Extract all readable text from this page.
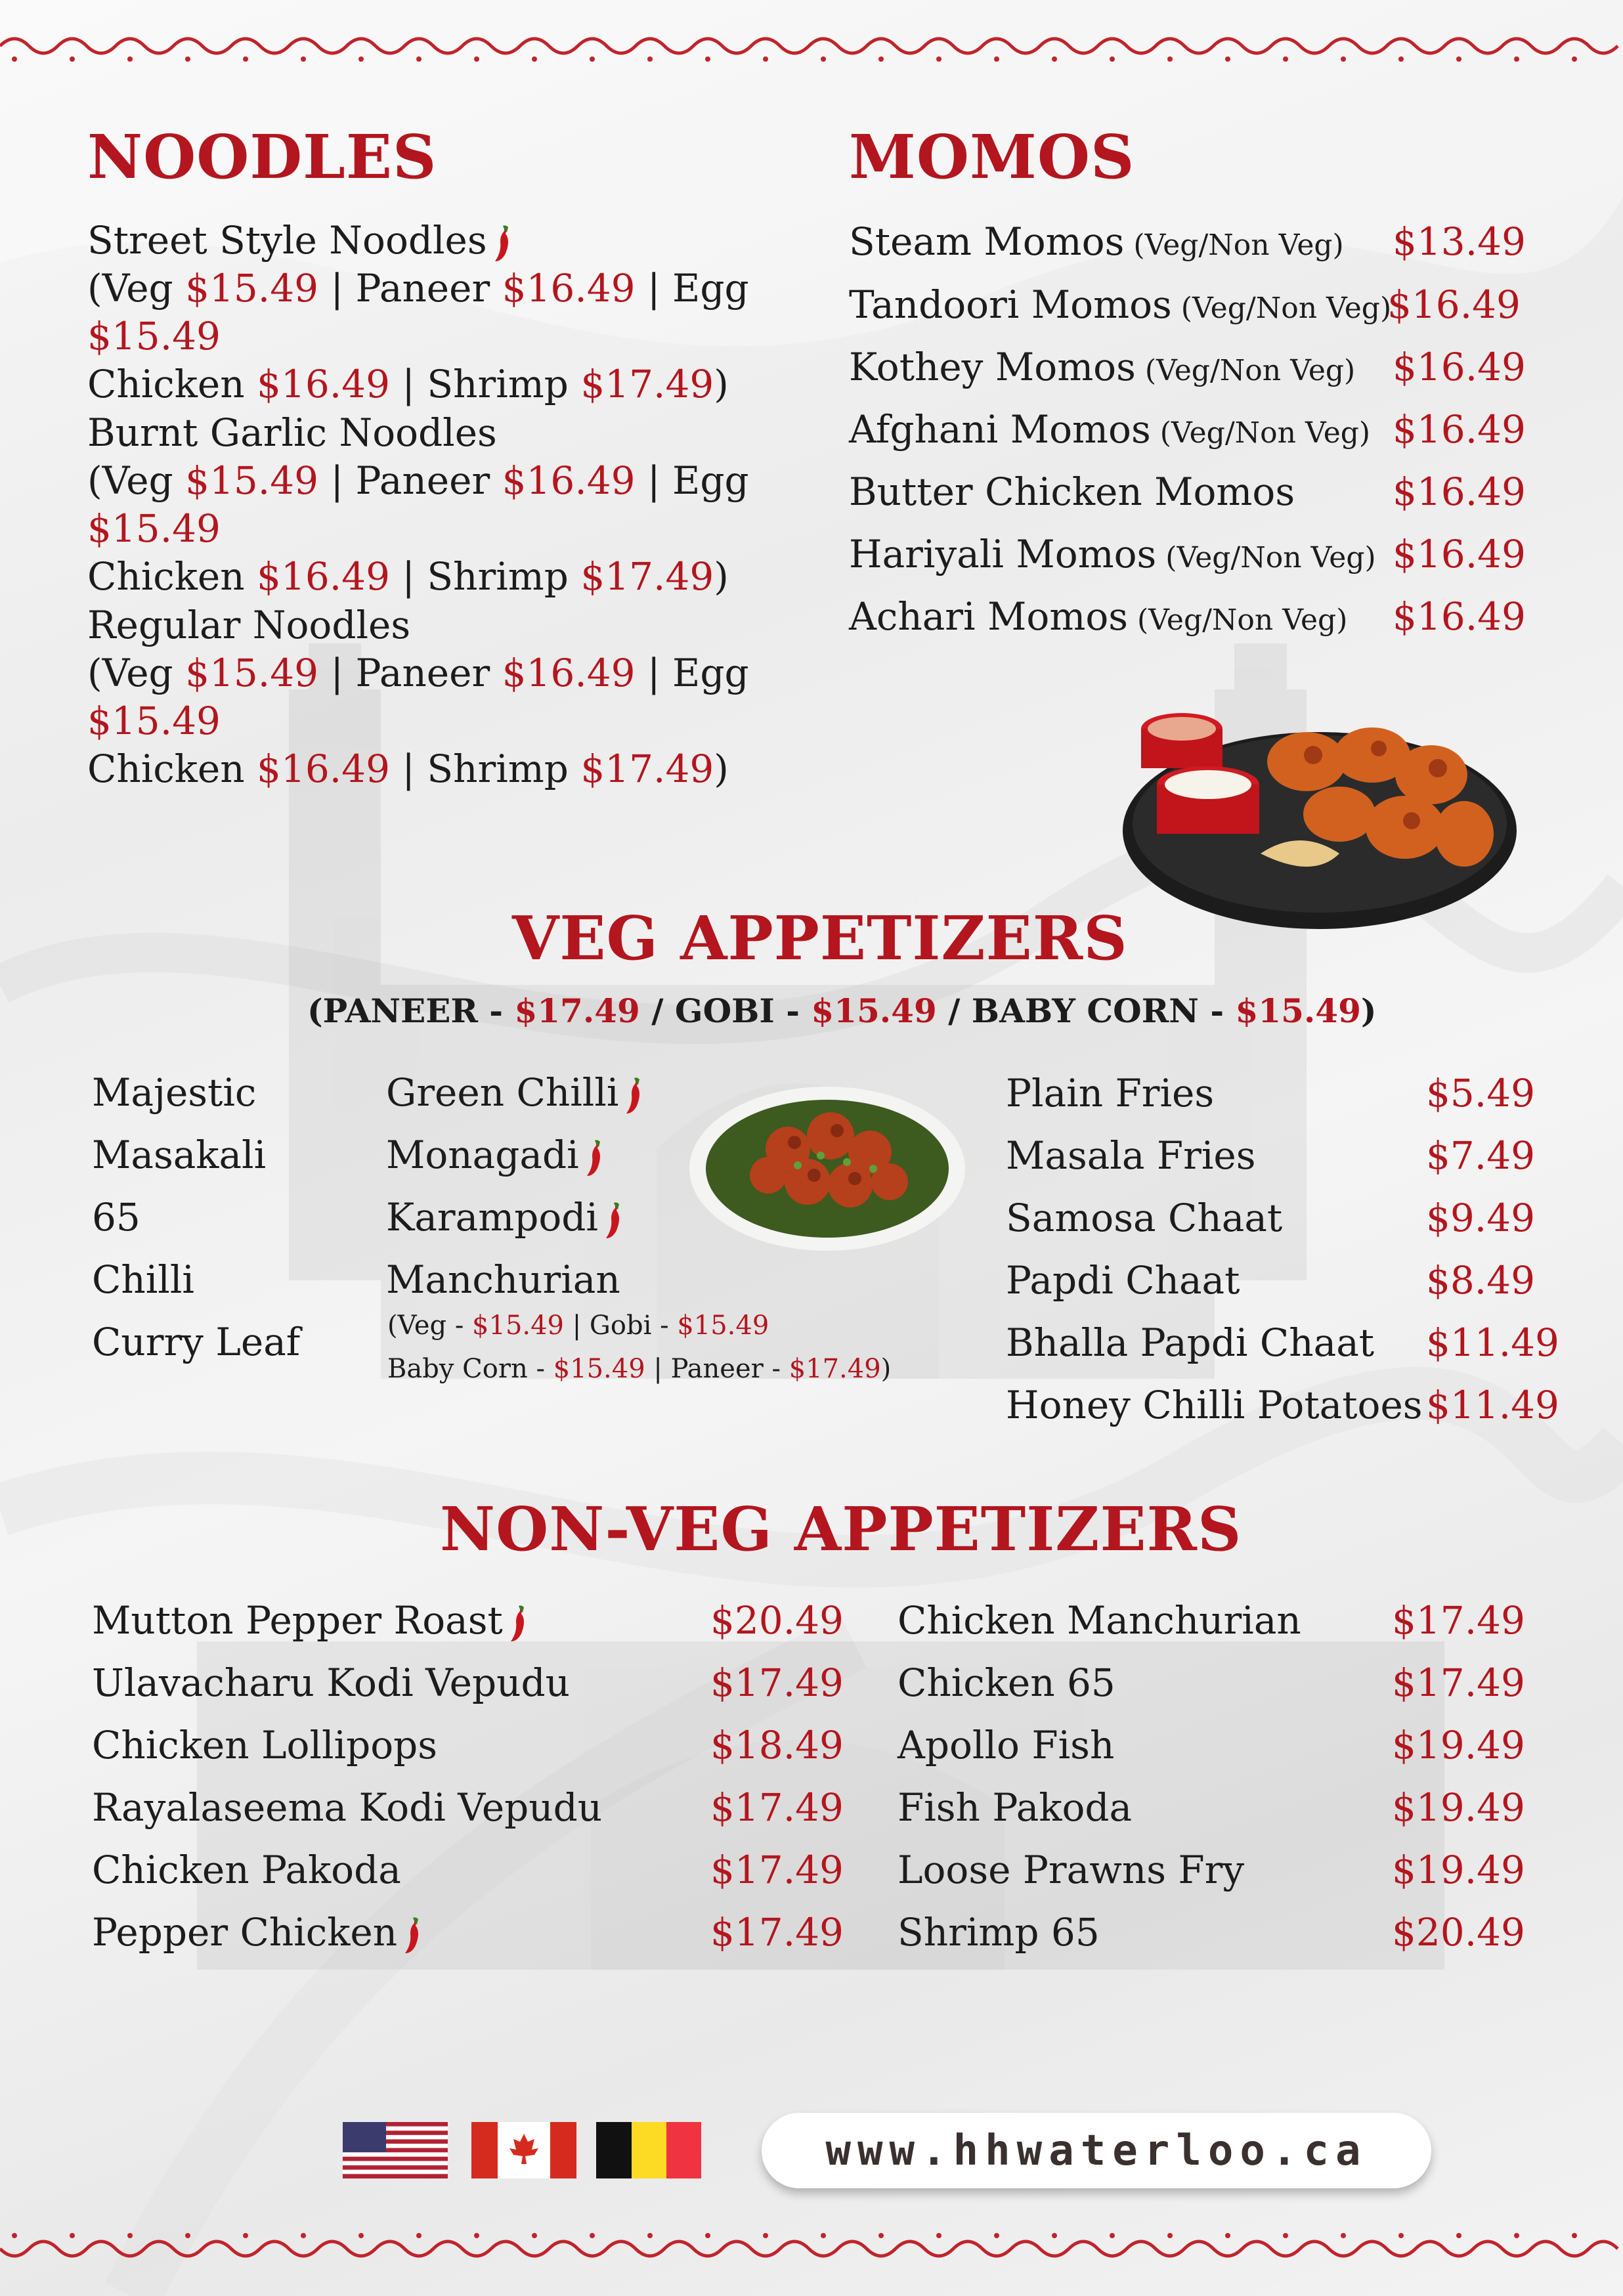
NOODLES
Street Style Noodles
(Veg $15.49 | Paneer $16.49 | Egg $15.49
Chicken $16.49 | Shrimp $17.49)
Burnt Garlic Noodles
(Veg $15.49 | Paneer $16.49 | Egg $15.49
Chicken $16.49 | Shrimp $17.49)
Regular Noodles
(Veg $15.49 | Paneer $16.49 | Egg $15.49
Chicken $16.49 | Shrimp $17.49)
MOMOS
Steam Momos (Veg/Non Veg) $13.49
Tandoori Momos (Veg/Non Veg)
$16.49
Kothey Momos (Veg/Non Veg) $16.49
Afghani Momos (Veg/Non Veg) $16.49
Butter Chicken Momos	$16.49
Hariyali Momos (Veg/Non Veg) $16.49
Achari Momos (Veg/Non Veg) $16.49
VEG APPETIZERS
(PANEER - $17.49 / GOBI - $15.49 / BABY CORN - $15.49)
Majestic
Masakali
65
Chilli
Curry Leaf
Green Chilli
Monagadi
Karampodi
Manchurian
(Veg - $15.49 | Gobi - $15.49
Baby Corn - $15.49 | Paneer - $17.49)
Plain Fries	$5.49
Masala Fries	$7.49
Samosa Chaat	$9.49
Papdi Chaat	$8.49
Bhalla Papdi Chaat $11.49
Honey Chilli Potatoes $11.49
NON-VEG APPETIZERS
Mutton Pepper Roast	$20.49
Ulavacharu Kodi Vepudu	$17.49
Chicken Lollipops	$18.49
Rayalaseema Kodi Vepudu	$17.49
Chicken Pakoda	$17.49
Pepper Chicken	$17.49
Chicken Manchurian $17.49
Chicken 65	$17.49
Apollo Fish	$19.49
Fish Pakoda	$19.49
Loose Prawns Fry	$19.49
Shrimp 65	$20.49
www.hhwaterloo.ca
